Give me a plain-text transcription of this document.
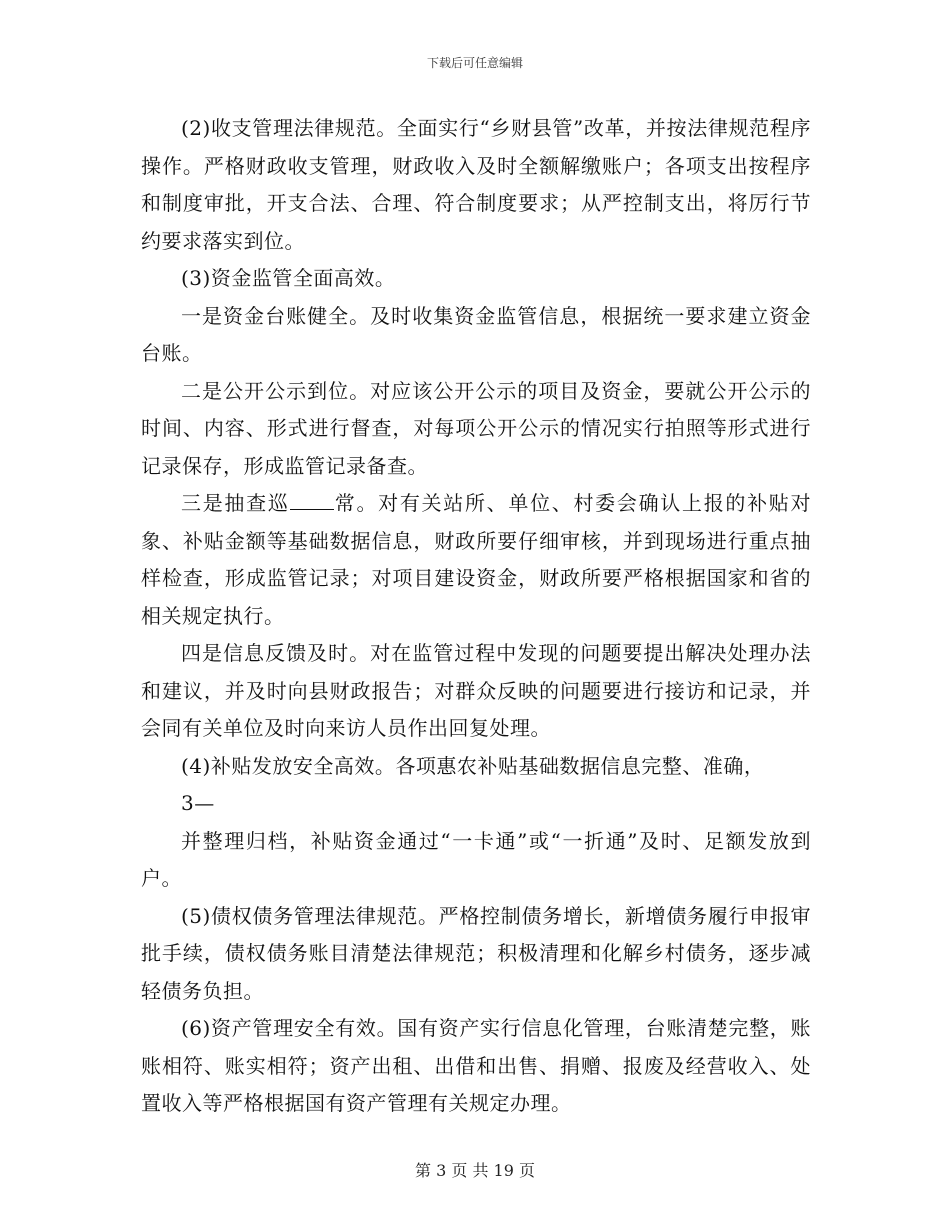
下载后可任意编辑

(2)收支管理法律规范。全面实行“乡财县管”改革，并按法律规范程序操作。严格财政收支管理，财政收入及时全额解缴账户；各项支出按程序和制度审批，开支合法、合理、符合制度要求；从严控制支出，将厉行节约要求落实到位。

(3)资金监管全面高效。

一是资金台账健全。及时收集资金监管信息，根据统一要求建立资金台账。

二是公开公示到位。对应该公开公示的项目及资金，要就公开公示的时间、内容、形式进行督查，对每项公开公示的情况实行拍照等形式进行记录保存，形成监管记录备查。

三是抽查巡 常。对有关站所、单位、村委会确认上报的补贴对象、补贴金额等基础数据信息，财政所要仔细审核，并到现场进行重点抽样检查，形成监管记录；对项目建设资金，财政所要严格根据国家和省的相关规定执行。

四是信息反馈及时。对在监管过程中发现的问题要提出解决处理办法和建议，并及时向县财政报告；对群众反映的问题要进行接访和记录，并会同有关单位及时向来访人员作出回复处理。

(4)补贴发放安全高效。各项惠农补贴基础数据信息完整、准确，

3—

并整理归档，补贴资金通过“一卡通”或“一折通”及时、足额发放到户。

(5)债权债务管理法律规范。严格控制债务增长，新增债务履行申报审批手续，债权债务账目清楚法律规范；积极清理和化解乡村债务，逐步减轻债务负担。

(6)资产管理安全有效。国有资产实行信息化管理，台账清楚完整，账账相符、账实相符；资产出租、出借和出售、捐赠、报废及经营收入、处置收入等严格根据国有资产管理有关规定办理。

第 3 页 共 19 页
